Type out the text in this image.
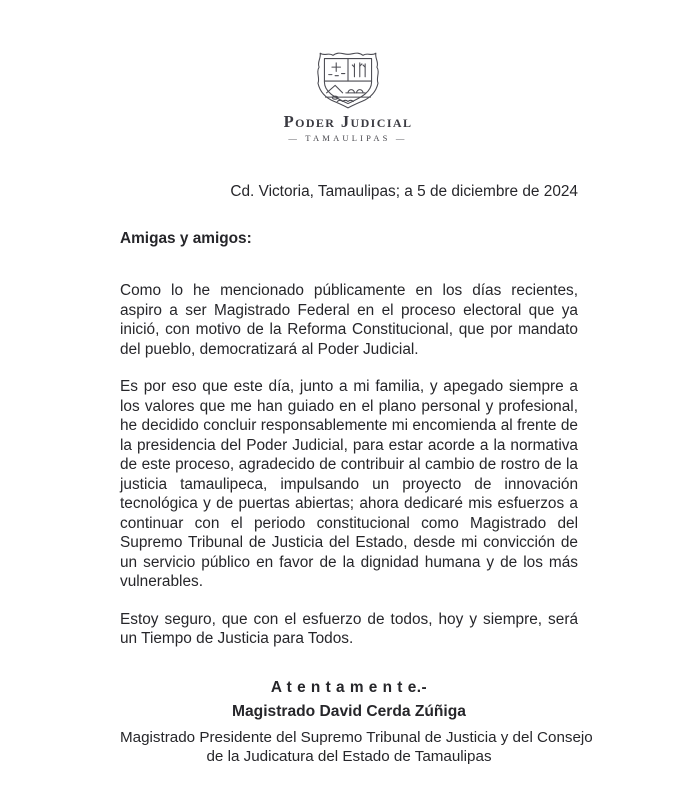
Poder Judicial
— TAMAULIPAS —
Cd. Victoria, Tamaulipas; a 5 de diciembre de 2024
Amigas y amigos:

Como lo he mencionado públicamente en los días recientes, aspiro a ser Magistrado Federal en el proceso electoral que ya inició, con motivo de la Reforma Constitucional, que por mandato del pueblo, democratizará al Poder Judicial.

Es por eso que este día, junto a mi familia, y apegado siempre a los valores que me han guiado en el plano personal y profesional, he decidido concluir responsablemente mi encomienda al frente de la presidencia del Poder Judicial, para estar acorde a la normativa de este proceso, agradecido de contribuir al cambio de rostro de la justicia tamaulipeca, impulsando un proyecto de innovación tecnológica y de puertas abiertas; ahora dedicaré mis esfuerzos a continuar con el periodo constitucional como Magistrado del Supremo Tribunal de Justicia del Estado, desde mi convicción de un servicio público en favor de la dignidad humana y de los más vulnerables.

Estoy seguro, que con el esfuerzo de todos, hoy y siempre, será un Tiempo de Justicia para Todos.

A t e n t a m e n t e.-
Magistrado David Cerda Zúñiga
Magistrado Presidente del Supremo Tribunal de Justicia y del Consejo
de la Judicatura del Estado de Tamaulipas
